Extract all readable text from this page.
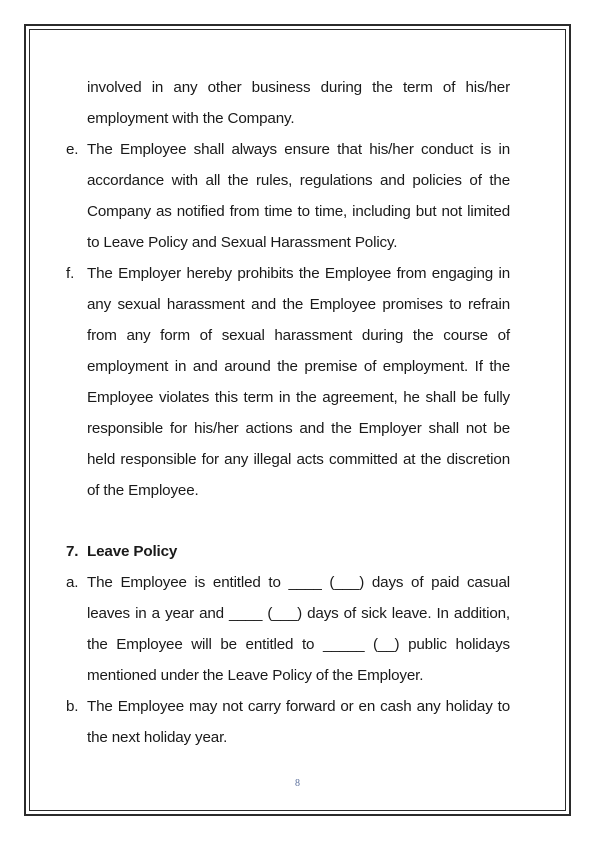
involved in any other business during the term of his/her employment with the Company.
e. The Employee shall always ensure that his/her conduct is in accordance with all the rules, regulations and policies of the Company as notified from time to time, including but not limited to Leave Policy and Sexual Harassment Policy.
f. The Employer hereby prohibits the Employee from engaging in any sexual harassment and the Employee promises to refrain from any form of sexual harassment during the course of employment in and around the premise of employment. If the Employee violates this term in the agreement, he shall be fully responsible for his/her actions and the Employer shall not be held responsible for any illegal acts committed at the discretion of the Employee.
7. Leave Policy
a. The Employee is entitled to ____ (___) days of paid casual leaves in a year and ____ (___) days of sick leave. In addition, the Employee will be entitled to _____ (__) public holidays mentioned under the Leave Policy of the Employer.
b. The Employee may not carry forward or en cash any holiday to the next holiday year.
8
